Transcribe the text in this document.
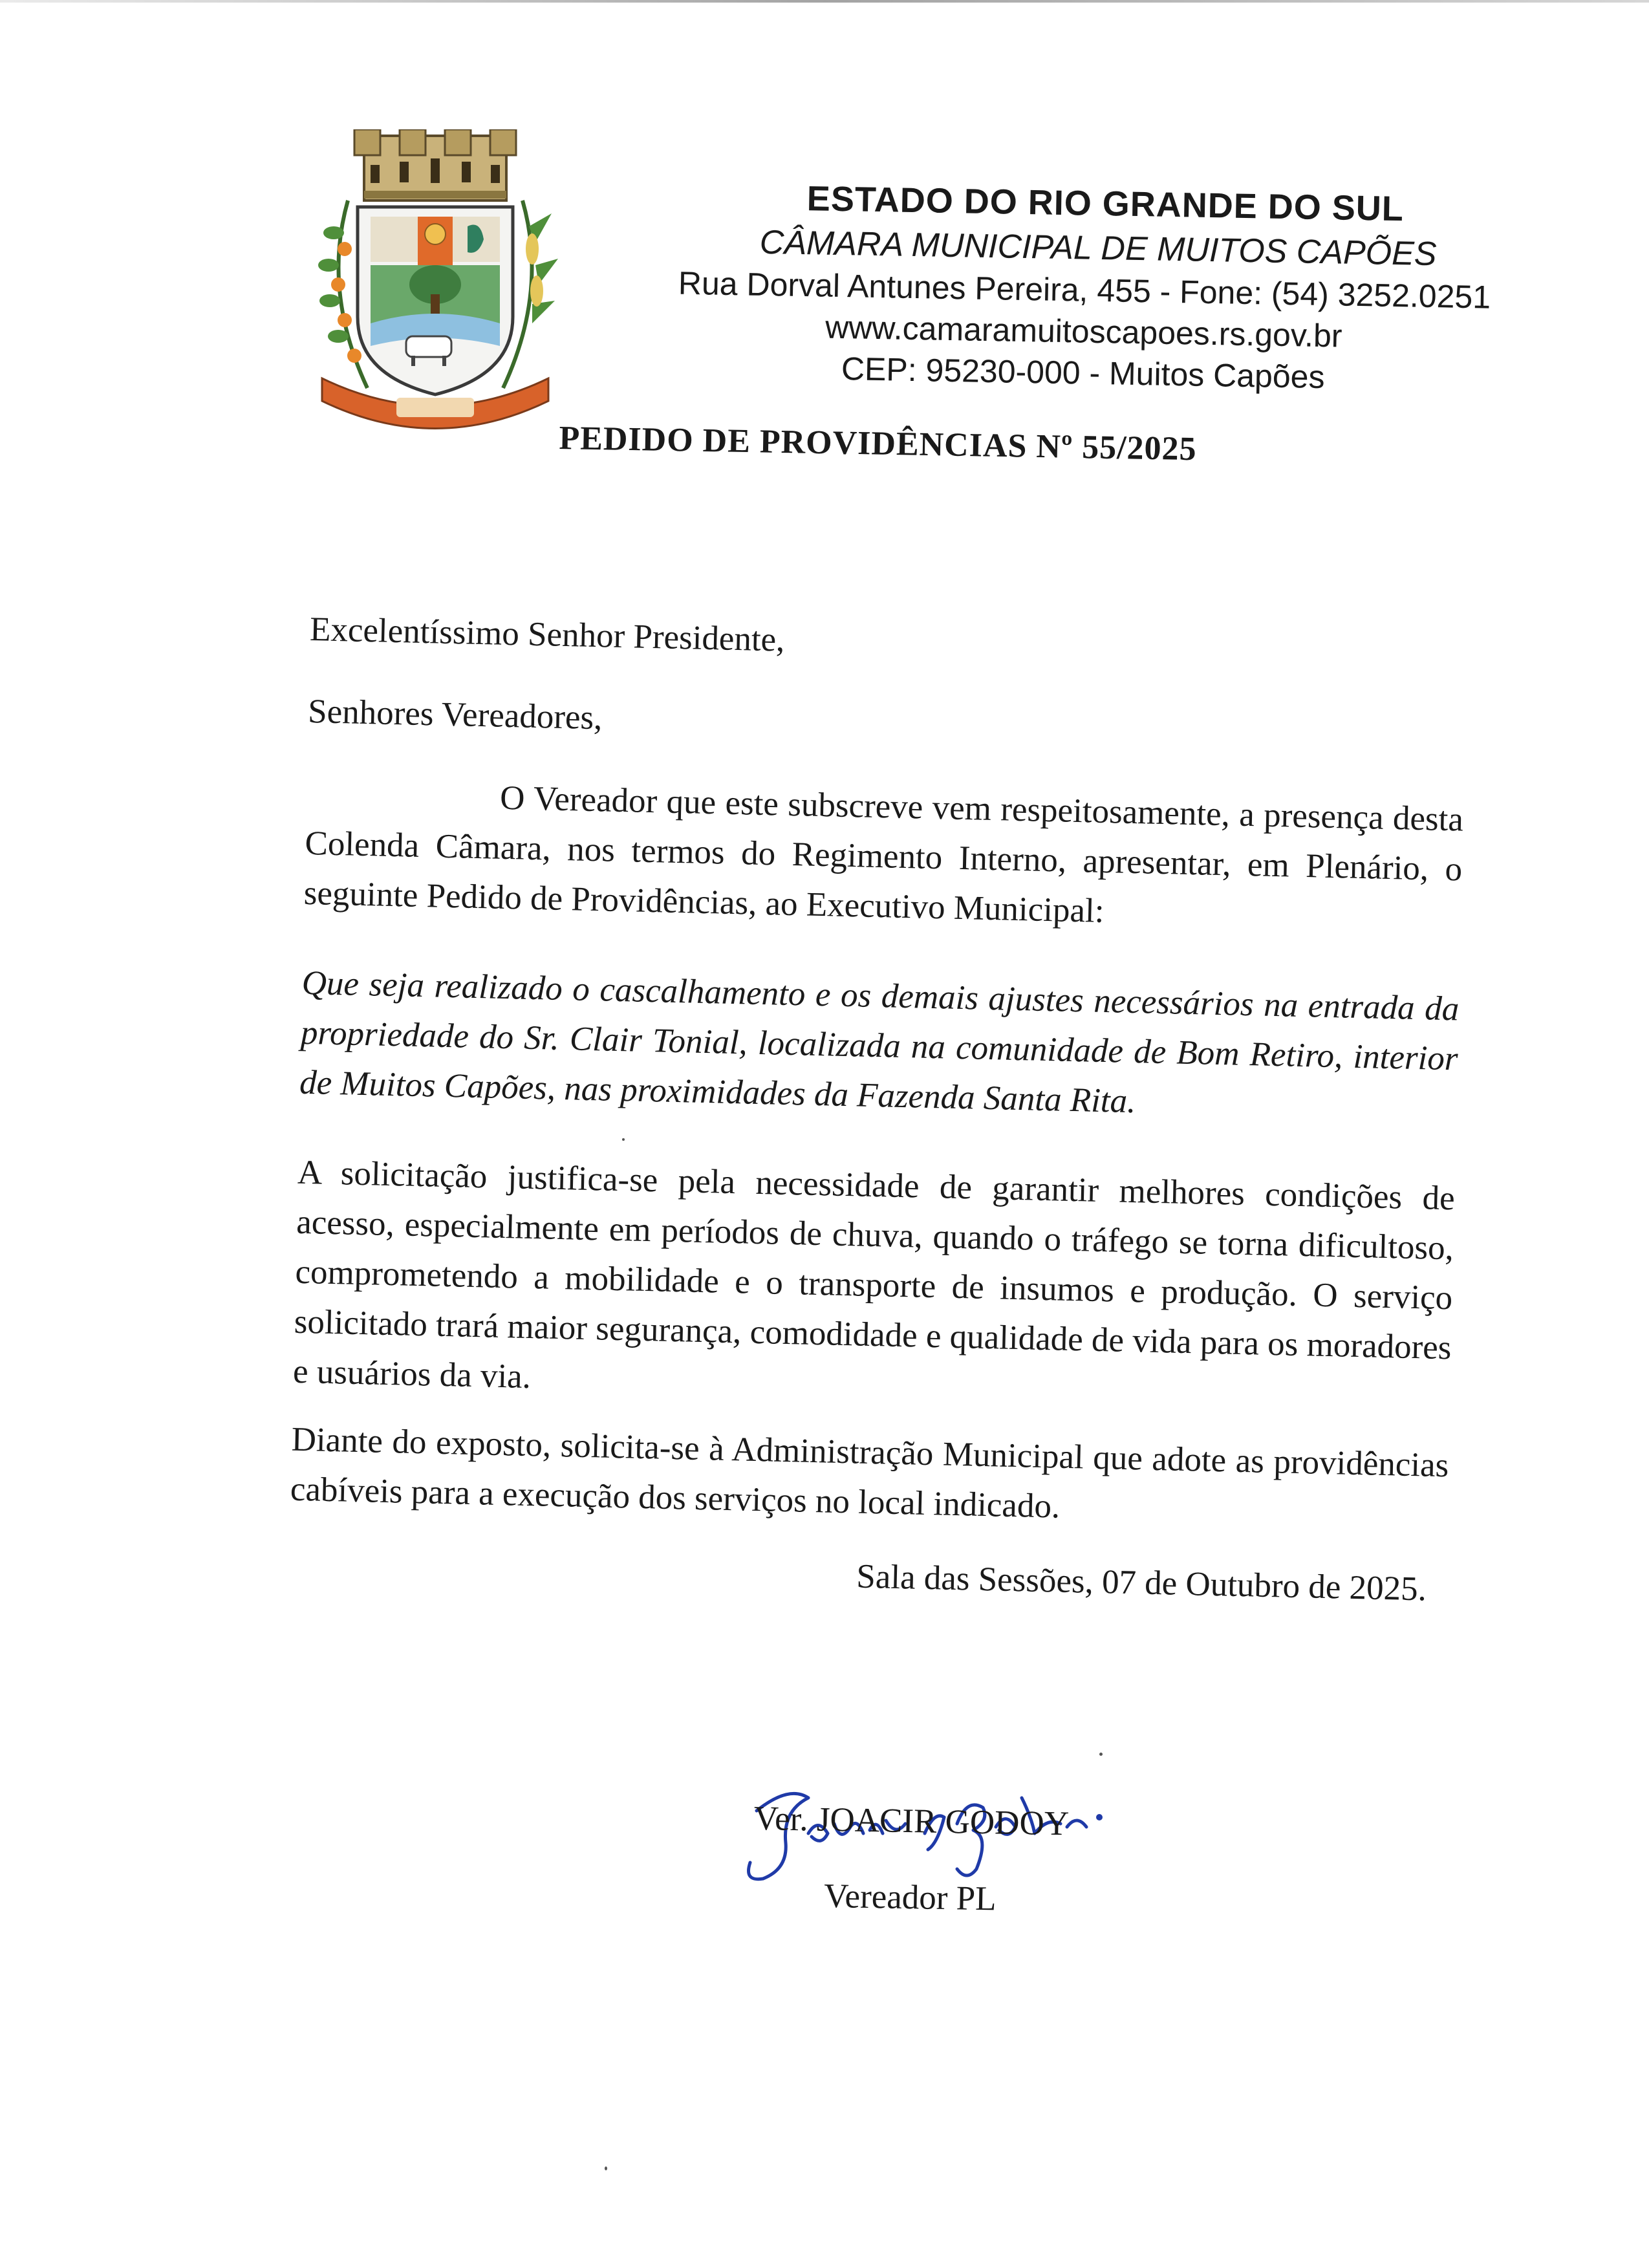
ESTADO DO RIO GRANDE DO SUL

CÂMARA MUNICIPAL DE MUITOS CAPÕES

Rua Dorval Antunes Pereira, 455 - Fone: (54) 3252.0251

www.camaramuitoscapoes.rs.gov.br

CEP: 95230-000 - Muitos Capões

PEDIDO DE PROVIDÊNCIAS Nº 55/2025

Excelentíssimo Senhor Presidente,

Senhores Vereadores,

O Vereador que este subscreve vem respeitosamente, a presença desta Colenda Câmara, nos termos do Regimento Interno, apresentar, em Plenário, o seguinte Pedido de Providências, ao Executivo Municipal:

Que seja realizado o cascalhamento e os demais ajustes necessários na entrada da propriedade do Sr. Clair Tonial, localizada na comunidade de Bom Retiro, interior de Muitos Capões, nas proximidades da Fazenda Santa Rita.

A solicitação justifica-se pela necessidade de garantir melhores condições de acesso, especialmente em períodos de chuva, quando o tráfego se torna dificultoso, comprometendo a mobilidade e o transporte de insumos e produção. O serviço solicitado trará maior segurança, comodidade e qualidade de vida para os moradores e usuários da via.

Diante do exposto, solicita-se à Administração Municipal que adote as providências cabíveis para a execução dos serviços no local indicado.

Sala das Sessões, 07 de Outubro de 2025.

Ver. JOACIR GODOY

Vereador PL
